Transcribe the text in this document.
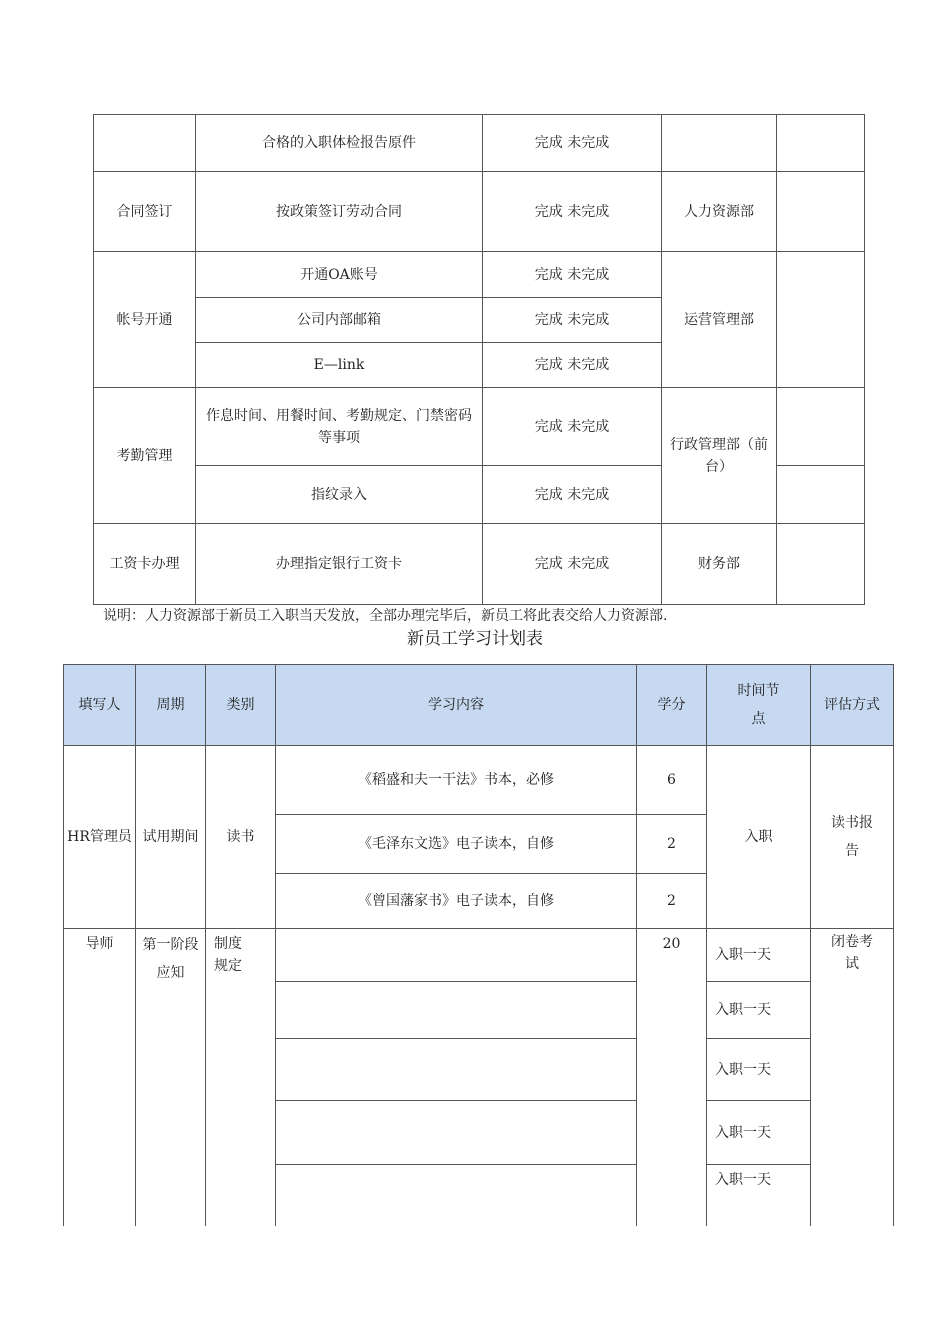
	合格的入职体检报告原件	完成 未完成		
合同签订	按政策签订劳动合同	完成 未完成	人力资源部	
帐号开通	开通OA账号	完成 未完成	运营管理部	
	公司内部邮箱	完成 未完成		
	E—link	完成 未完成		
考勤管理	作息时间、用餐时间、考勤规定、门禁密码等事项	完成 未完成	行政管理部（前台）	
	指纹录入	完成 未完成		
工资卡办理	办理指定银行工资卡	完成 未完成	财务部	
说明：人力资源部于新员工入职当天发放，全部办理完毕后，新员工将此表交给人力资源部.
新员工学习计划表
填写人	周期	类别	学习内容	学分	时间节点	评估方式
HR管理员	试用期间	读书	《稻盛和夫一干法》书本，必修	6	入职	读书报告
			《毛泽东文选》电子读本，自修	2		
			《曾国藩家书》电子读本，自修	2		
导师	第一阶段应知	制度规定		20	入职一天	闭卷考试
					入职一天	
					入职一天	
					入职一天	
					入职一天	
